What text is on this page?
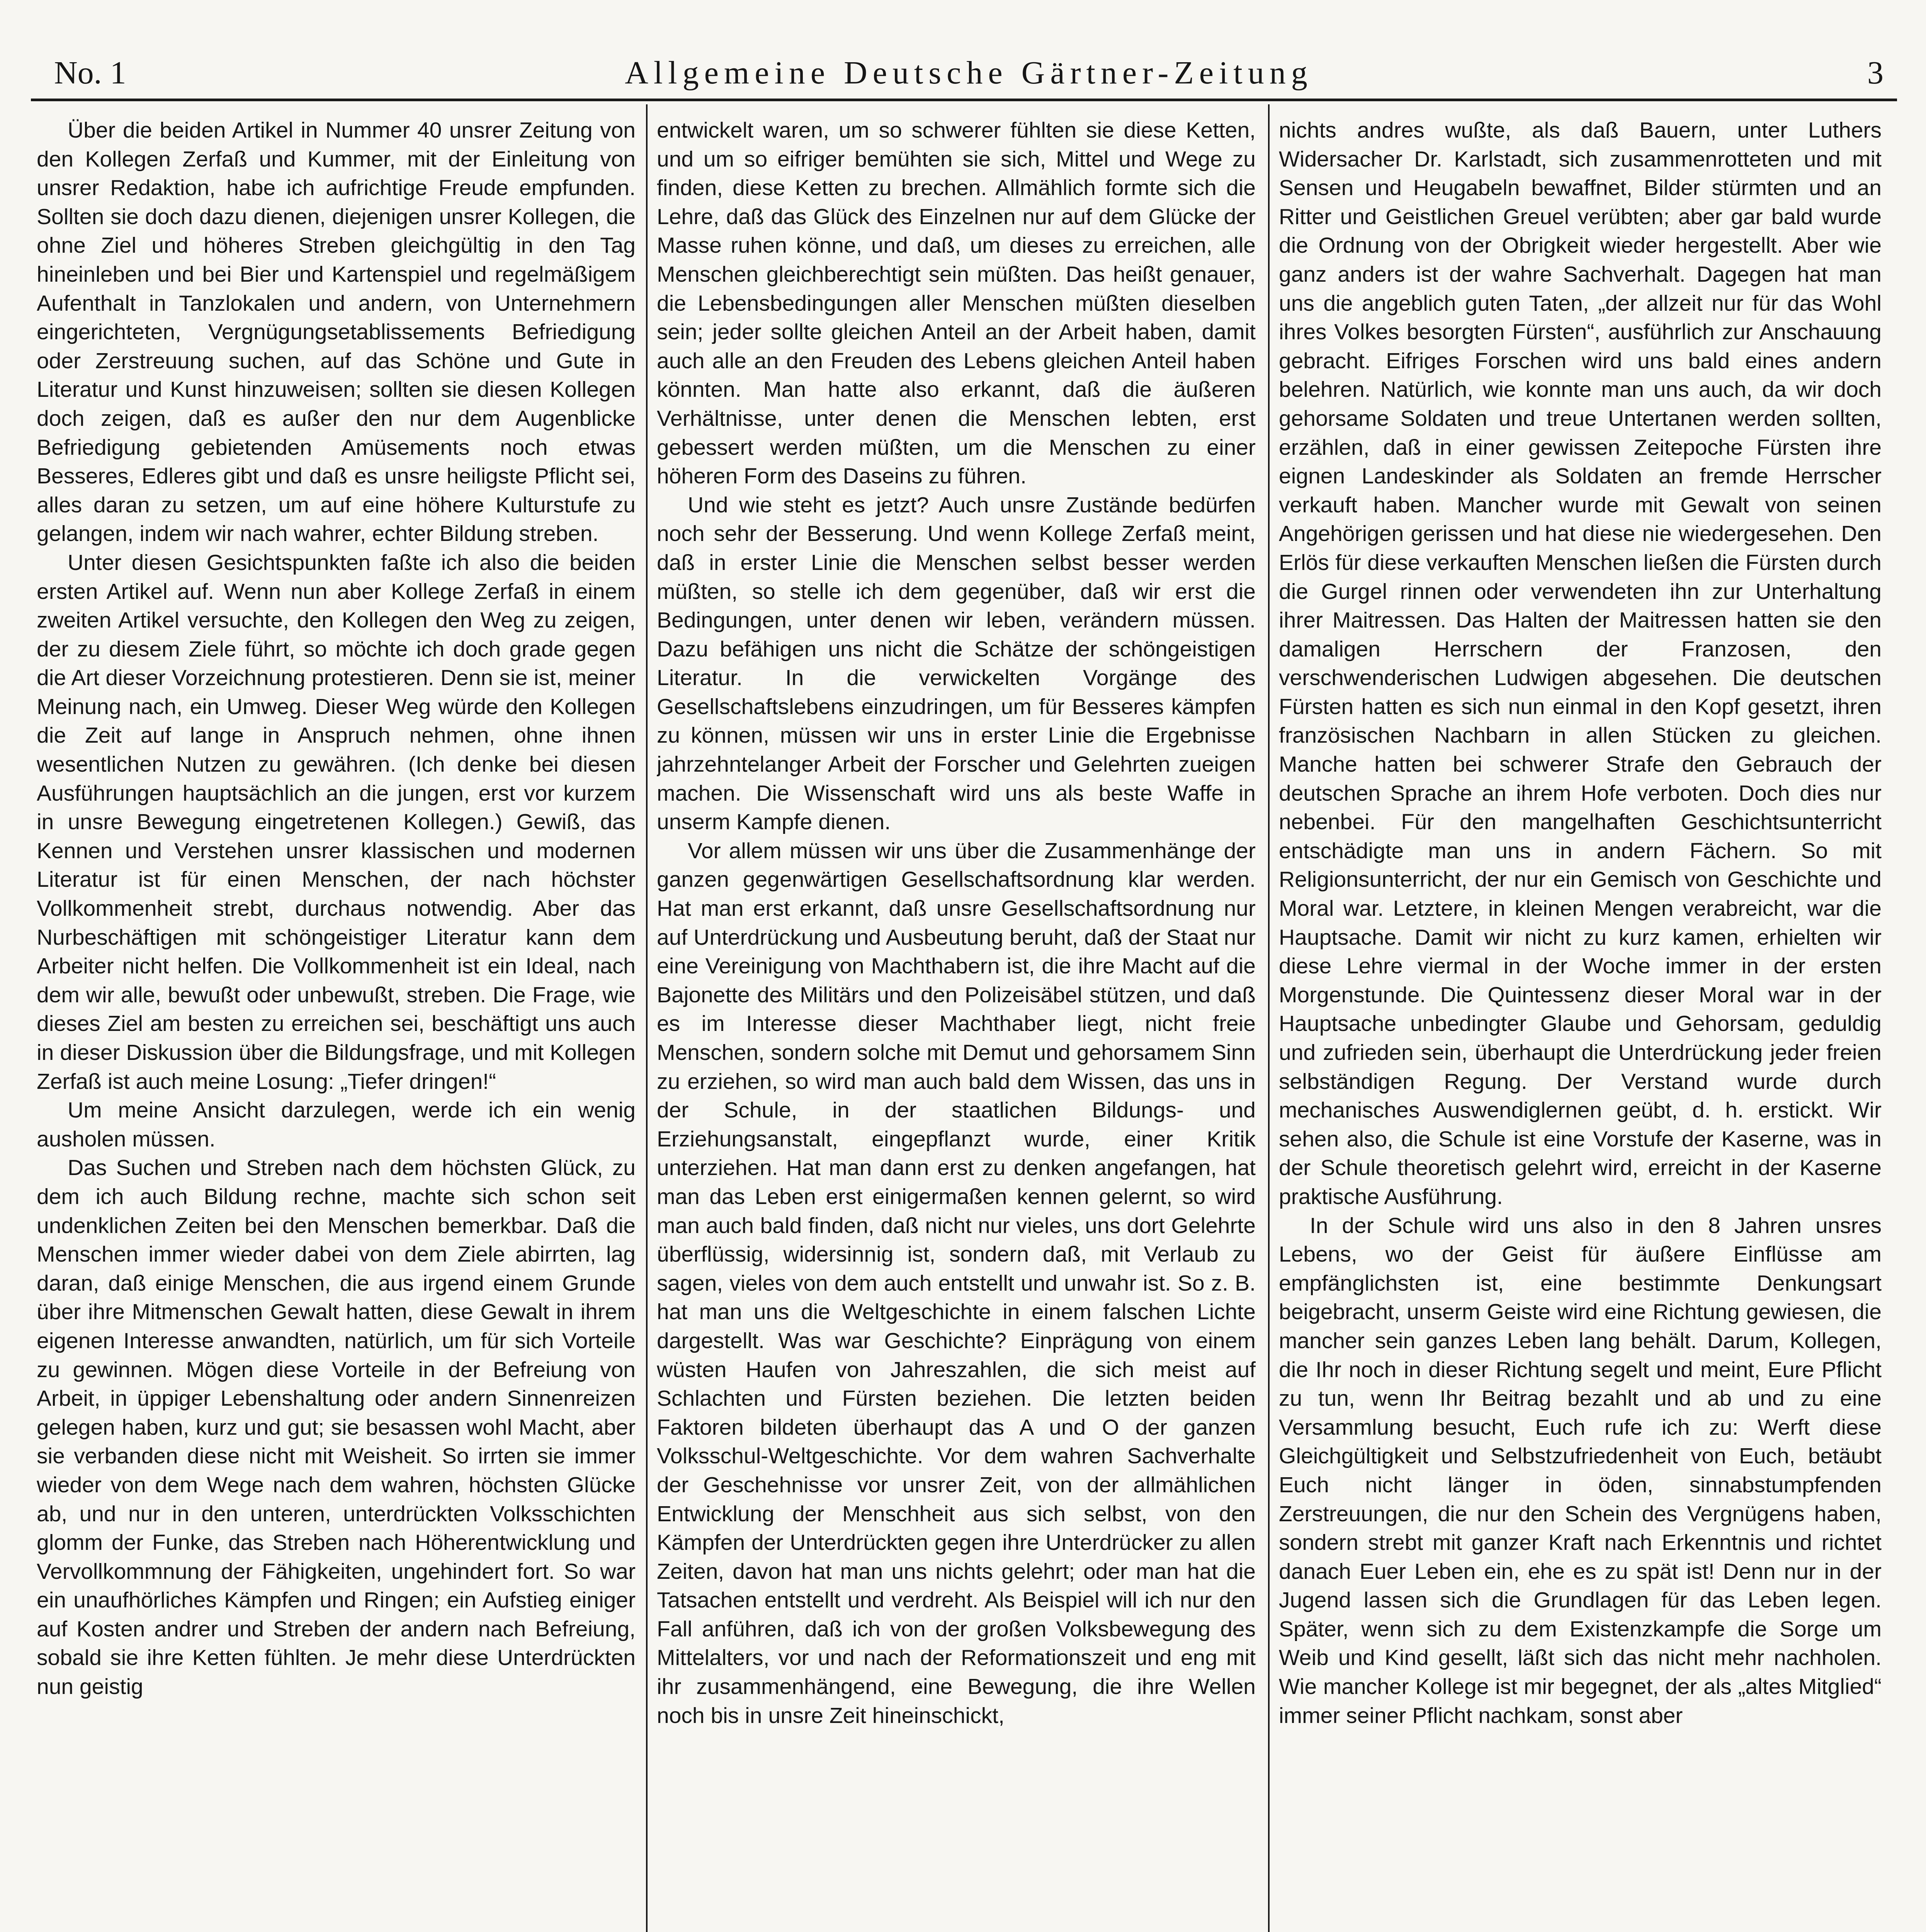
No. 1	Allgemeine Deutsche Gärtner-Zeitung	3

Über die beiden Artikel in Nummer 40 unsrer Zeitung von den Kollegen Zerfaß und Kummer, mit der Einleitung von unsrer Redaktion, habe ich aufrichtige Freude empfunden. Sollten sie doch dazu dienen, diejenigen unsrer Kollegen, die ohne Ziel und höheres Streben gleichgültig in den Tag hineinleben und bei Bier und Kartenspiel und regelmäßigem Aufenthalt in Tanzlokalen und andern, von Unternehmern eingerichteten, Vergnügungsetablissements Befriedigung oder Zerstreuung suchen, auf das Schöne und Gute in Literatur und Kunst hinzuweisen; sollten sie diesen Kollegen doch zeigen, daß es außer den nur dem Augenblicke Befriedigung gebietenden Amüsements noch etwas Besseres, Edleres gibt und daß es unsre heiligste Pflicht sei, alles daran zu setzen, um auf eine höhere Kulturstufe zu gelangen, indem wir nach wahrer, echter Bildung streben.

Unter diesen Gesichtspunkten faßte ich also die beiden ersten Artikel auf. Wenn nun aber Kollege Zerfaß in einem zweiten Artikel versuchte, den Kollegen den Weg zu zeigen, der zu diesem Ziele führt, so möchte ich doch grade gegen die Art dieser Vorzeichnung protestieren. Denn sie ist, meiner Meinung nach, ein Umweg. Dieser Weg würde den Kollegen die Zeit auf lange in Anspruch nehmen, ohne ihnen wesentlichen Nutzen zu gewähren. (Ich denke bei diesen Ausführungen hauptsächlich an die jungen, erst vor kurzem in unsre Bewegung eingetretenen Kollegen.) Gewiß, das Kennen und Verstehen unsrer klassischen und modernen Literatur ist für einen Menschen, der nach höchster Vollkommenheit strebt, durchaus notwendig. Aber das Nurbeschäftigen mit schöngeistiger Literatur kann dem Arbeiter nicht helfen. Die Vollkommenheit ist ein Ideal, nach dem wir alle, bewußt oder unbewußt, streben. Die Frage, wie dieses Ziel am besten zu erreichen sei, beschäftigt uns auch in dieser Diskussion über die Bildungsfrage, und mit Kollegen Zerfaß ist auch meine Losung: „Tiefer dringen!“

Um meine Ansicht darzulegen, werde ich ein wenig ausholen müssen.

Das Suchen und Streben nach dem höchsten Glück, zu dem ich auch Bildung rechne, machte sich schon seit undenklichen Zeiten bei den Menschen bemerkbar. Daß die Menschen immer wieder dabei von dem Ziele abirrten, lag daran, daß einige Menschen, die aus irgend einem Grunde über ihre Mitmenschen Gewalt hatten, diese Gewalt in ihrem eigenen Interesse anwandten, natürlich, um für sich Vorteile zu gewinnen. Mögen diese Vorteile in der Befreiung von Arbeit, in üppiger Lebenshaltung oder andern Sinnenreizen gelegen haben, kurz und gut; sie besassen wohl Macht, aber sie verbanden diese nicht mit Weisheit. So irrten sie immer wieder von dem Wege nach dem wahren, höchsten Glücke ab, und nur in den unteren, unterdrückten Volksschichten glomm der Funke, das Streben nach Höherentwicklung und Vervollkommnung der Fähigkeiten, ungehindert fort. So war ein unaufhörliches Kämpfen und Ringen; ein Aufstieg einiger auf Kosten andrer und Streben der andern nach Befreiung, sobald sie ihre Ketten fühlten. Je mehr diese Unterdrückten nun geistig

entwickelt waren, um so schwerer fühlten sie diese Ketten, und um so eifriger bemühten sie sich, Mittel und Wege zu finden, diese Ketten zu brechen. Allmählich formte sich die Lehre, daß das Glück des Einzelnen nur auf dem Glücke der Masse ruhen könne, und daß, um dieses zu erreichen, alle Menschen gleichberechtigt sein müßten. Das heißt genauer, die Lebensbedingungen aller Menschen müßten dieselben sein; jeder sollte gleichen Anteil an der Arbeit haben, damit auch alle an den Freuden des Lebens gleichen Anteil haben könnten. Man hatte also erkannt, daß die äußeren Verhältnisse, unter denen die Menschen lebten, erst gebessert werden müßten, um die Menschen zu einer höheren Form des Daseins zu führen.

Und wie steht es jetzt? Auch unsre Zustände bedürfen noch sehr der Besserung. Und wenn Kollege Zerfaß meint, daß in erster Linie die Menschen selbst besser werden müßten, so stelle ich dem gegenüber, daß wir erst die Bedingungen, unter denen wir leben, verändern müssen. Dazu befähigen uns nicht die Schätze der schöngeistigen Literatur. In die verwickelten Vorgänge des Gesellschaftslebens einzudringen, um für Besseres kämpfen zu können, müssen wir uns in erster Linie die Ergebnisse jahrzehntelanger Arbeit der Forscher und Gelehrten zueigen machen. Die Wissenschaft wird uns als beste Waffe in unserm Kampfe dienen.

Vor allem müssen wir uns über die Zusammenhänge der ganzen gegenwärtigen Gesellschaftsordnung klar werden. Hat man erst erkannt, daß unsre Gesellschaftsordnung nur auf Unterdrückung und Ausbeutung beruht, daß der Staat nur eine Vereinigung von Machthabern ist, die ihre Macht auf die Bajonette des Militärs und den Polizeisäbel stützen, und daß es im Interesse dieser Machthaber liegt, nicht freie Menschen, sondern solche mit Demut und gehorsamem Sinn zu erziehen, so wird man auch bald dem Wissen, das uns in der Schule, in der staatlichen Bildungs- und Erziehungsanstalt, eingepflanzt wurde, einer Kritik unterziehen. Hat man dann erst zu denken angefangen, hat man das Leben erst einigermaßen kennen gelernt, so wird man auch bald finden, daß nicht nur vieles, uns dort Gelehrte überflüssig, widersinnig ist, sondern daß, mit Verlaub zu sagen, vieles von dem auch entstellt und unwahr ist. So z. B. hat man uns die Weltgeschichte in einem falschen Lichte dargestellt. Was war Geschichte? Einprägung von einem wüsten Haufen von Jahreszahlen, die sich meist auf Schlachten und Fürsten beziehen. Die letzten beiden Faktoren bildeten überhaupt das A und O der ganzen Volksschul-Weltgeschichte. Vor dem wahren Sachverhalte der Geschehnisse vor unsrer Zeit, von der allmählichen Entwicklung der Menschheit aus sich selbst, von den Kämpfen der Unterdrückten gegen ihre Unterdrücker zu allen Zeiten, davon hat man uns nichts gelehrt; oder man hat die Tatsachen entstellt und verdreht. Als Beispiel will ich nur den Fall anführen, daß ich von der großen Volksbewegung des Mittelalters, vor und nach der Reformationszeit und eng mit ihr zusammenhängend, eine Bewegung, die ihre Wellen noch bis in unsre Zeit hineinschickt,

nichts andres wußte, als daß Bauern, unter Luthers Widersacher Dr. Karlstadt, sich zusammenrotteten und mit Sensen und Heugabeln bewaffnet, Bilder stürmten und an Ritter und Geistlichen Greuel verübten; aber gar bald wurde die Ordnung von der Obrigkeit wieder hergestellt. Aber wie ganz anders ist der wahre Sachverhalt. Dagegen hat man uns die angeblich guten Taten, „der allzeit nur für das Wohl ihres Volkes besorgten Fürsten“, ausführlich zur Anschauung gebracht. Eifriges Forschen wird uns bald eines andern belehren. Natürlich, wie konnte man uns auch, da wir doch gehorsame Soldaten und treue Untertanen werden sollten, erzählen, daß in einer gewissen Zeitepoche Fürsten ihre eignen Landeskinder als Soldaten an fremde Herrscher verkauft haben. Mancher wurde mit Gewalt von seinen Angehörigen gerissen und hat diese nie wiedergesehen. Den Erlös für diese verkauften Menschen ließen die Fürsten durch die Gurgel rinnen oder verwendeten ihn zur Unterhaltung ihrer Maitressen. Das Halten der Maitressen hatten sie den damaligen Herrschern der Franzosen, den verschwenderischen Ludwigen abgesehen. Die deutschen Fürsten hatten es sich nun einmal in den Kopf gesetzt, ihren französischen Nachbarn in allen Stücken zu gleichen. Manche hatten bei schwerer Strafe den Gebrauch der deutschen Sprache an ihrem Hofe verboten. Doch dies nur nebenbei. Für den mangelhaften Geschichtsunterricht entschädigte man uns in andern Fächern. So mit Religionsunterricht, der nur ein Gemisch von Geschichte und Moral war. Letztere, in kleinen Mengen verabreicht, war die Hauptsache. Damit wir nicht zu kurz kamen, erhielten wir diese Lehre viermal in der Woche immer in der ersten Morgenstunde. Die Quintessenz dieser Moral war in der Hauptsache unbedingter Glaube und Gehorsam, geduldig und zufrieden sein, überhaupt die Unterdrückung jeder freien selbständigen Regung. Der Verstand wurde durch mechanisches Auswendiglernen geübt, d. h. erstickt. Wir sehen also, die Schule ist eine Vorstufe der Kaserne, was in der Schule theoretisch gelehrt wird, erreicht in der Kaserne praktische Ausführung.

In der Schule wird uns also in den 8 Jahren unsres Lebens, wo der Geist für äußere Einflüsse am empfänglichsten ist, eine bestimmte Denkungsart beigebracht, unserm Geiste wird eine Richtung gewiesen, die mancher sein ganzes Leben lang behält. Darum, Kollegen, die Ihr noch in dieser Richtung segelt und meint, Eure Pflicht zu tun, wenn Ihr Beitrag bezahlt und ab und zu eine Versammlung besucht, Euch rufe ich zu: Werft diese Gleichgültigkeit und Selbstzufriedenheit von Euch, betäubt Euch nicht länger in öden, sinnabstumpfenden Zerstreuungen, die nur den Schein des Vergnügens haben, sondern strebt mit ganzer Kraft nach Erkenntnis und richtet danach Euer Leben ein, ehe es zu spät ist! Denn nur in der Jugend lassen sich die Grundlagen für das Leben legen. Später, wenn sich zu dem Existenzkampfe die Sorge um Weib und Kind gesellt, läßt sich das nicht mehr nachholen. Wie mancher Kollege ist mir begegnet, der als „altes Mitglied“ immer seiner Pflicht nachkam, sonst aber
